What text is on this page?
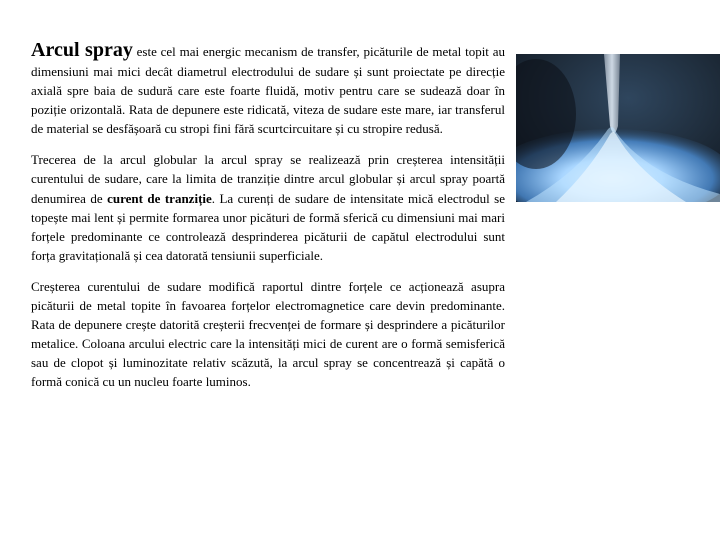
Arcul spray este cel mai energic mecanism de transfer, picăturile de metal topit au dimensiuni mai mici decât diametrul electrodului de sudare și sunt proiectate pe direcție axială spre baia de sudură care este foarte fluidă, motiv pentru care se sudează doar în poziție orizontală. Rata de depunere este ridicată, viteza de sudare este mare, iar transferul de material se desfășoară cu stropi fini fără scurtcircuitare și cu stropire redusă.

Trecerea de la arcul globular la arcul spray se realizează prin creșterea intensității curentului de sudare, care la limita de tranziție dintre arcul globular și arcul spray poartă denumirea de curent de tranziție. La curenți de sudare de intensitate mică electrodul se topește mai lent și permite formarea unor picături de formă sferică cu dimensiuni mai mari forțele predominante ce controlează desprinderea picăturii de capătul electrodului sunt forța gravitațională și cea datorată tensiunii superficiale.

Creșterea curentului de sudare modifică raportul dintre forțele ce acționează asupra picăturii de metal topite în favoarea forțelor electromagnetice care devin predominante. Rata de depunere crește datorită creșterii frecvenței de formare și desprindere a picăturilor metalice. Coloana arcului electric care la intensități mici de curent are o formă semisferică sau de clopot și luminozitate relativ scăzută, la arcul spray se concentrează și capătă o formă conică cu un nucleu foarte luminos.
